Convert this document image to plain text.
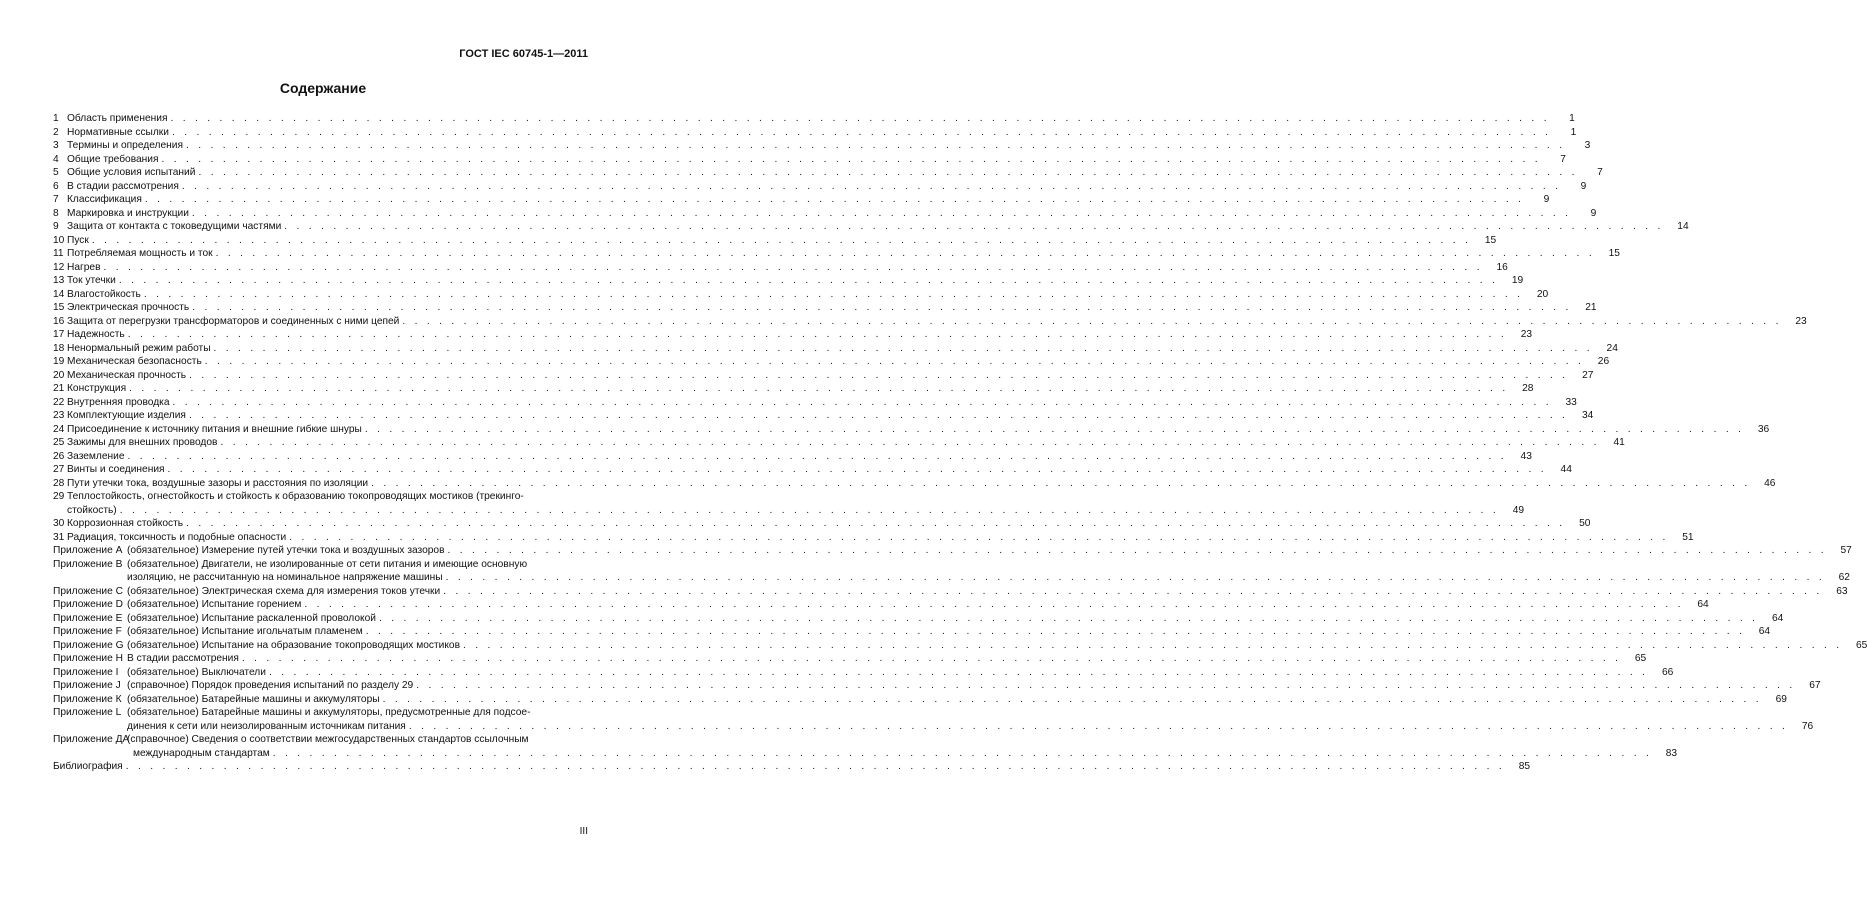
ГОСТ IEC 60745-1—2011
Содержание
1 Область применения . . .	1
2 Нормативные ссылки . . .	1
3 Термины и определения . . .	3
4 Общие требования . . .	7
5 Общие условия испытаний . . .	7
6 В стадии рассмотрения . . .	9
7 Классификация . . .	9
8 Маркировка и инструкции . . .	9
9 Защита от контакта с токоведущими частями . . .	14
10 Пуск . . .	15
11 Потребляемая мощность и ток . . .	15
12 Нагрев . . .	16
13 Ток утечки . . .	19
14 Влагостойкость . . .	20
15 Электрическая прочность . . .	21
16 Защита от перегрузки трансформаторов и соединенных с ними цепей . . .	23
17 Надежность . . .	23
18 Ненормальный режим работы . . .	24
19 Механическая безопасность . . .	26
20 Механическая прочность . . .	27
21 Конструкция . . .	28
22 Внутренняя проводка . . .	33
23 Комплектующие изделия . . .	34
24 Присоединение к источнику питания и внешние гибкие шнуры . . .	36
25 Зажимы для внешних проводов . . .	41
26 Заземление . . .	43
27 Винты и соединения . . .	44
28 Пути утечки тока, воздушные зазоры и расстояния по изоляции . . .	46
29 Теплостойкость, огнестойкость и стойкость к образованию токопроводящих мостиков (трекинго-
стойкость) . . .	49
30 Коррозионная стойкость . . .	50
31 Радиация, токсичность и подобные опасности . . .	51
Приложение А (обязательное) Измерение путей утечки тока и воздушных зазоров . . .	57
Приложение В (обязательное) Двигатели, не изолированные от сети питания и имеющие основную
изоляцию, не рассчитанную на номинальное напряжение машины . . .	62
Приложение С (обязательное) Электрическая схема для измерения токов утечки . . .	63
Приложение D (обязательное) Испытание горением . . .	64
Приложение Е (обязательное) Испытание раскаленной проволокой . . .	64
Приложение F (обязательное) Испытание игольчатым пламенем . . .	64
Приложение G (обязательное) Испытание на образование токопроводящих мостиков . . .	65
Приложение Н В стадии рассмотрения . . .	65
Приложение I (обязательное) Выключатели . . .	66
Приложение J (справочное) Порядок проведения испытаний по разделу 29 . . .	67
Приложение К (обязательное) Батарейные машины и аккумуляторы . . .	69
Приложение L (обязательное) Батарейные машины и аккумуляторы, предусмотренные для подсое-
динения к сети или неизолированным источникам питания . . .	76
Приложение ДА
(справочное) Сведения о соответствии межгосударственных стандартов ссылочным
международным стандартам . . .	83
Библиография . . .	85
III
